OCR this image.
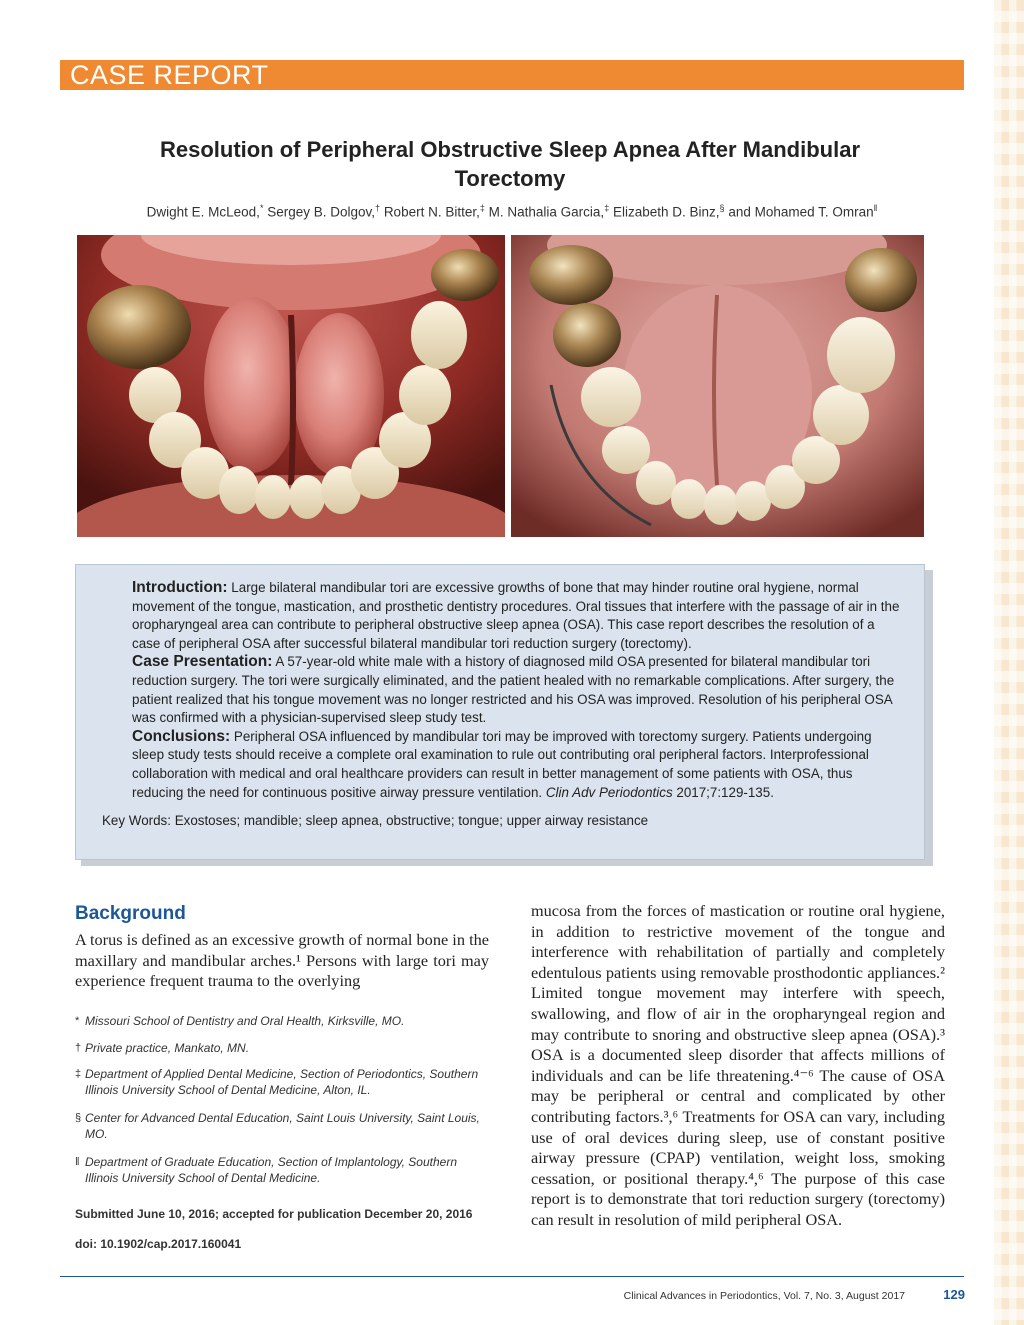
CASE REPORT
Resolution of Peripheral Obstructive Sleep Apnea After Mandibular Torectomy
Dwight E. McLeod,* Sergey B. Dolgov,† Robert N. Bitter,‡ M. Nathalia Garcia,‡ Elizabeth D. Binz,§ and Mohamed T. Omran‖

Introduction: Large bilateral mandibular tori are excessive growths of bone that may hinder routine oral hygiene, normal movement of the tongue, mastication, and prosthetic dentistry procedures. Oral tissues that interfere with the passage of air in the oropharyngeal area can contribute to peripheral obstructive sleep apnea (OSA). This case report describes the resolution of a case of peripheral OSA after successful bilateral mandibular tori reduction surgery (torectomy).

Case Presentation: A 57-year-old white male with a history of diagnosed mild OSA presented for bilateral mandibular tori reduction surgery. The tori were surgically eliminated, and the patient healed with no remarkable complications. After surgery, the patient realized that his tongue movement was no longer restricted and his OSA was improved. Resolution of his peripheral OSA was confirmed with a physician-supervised sleep study test.

Conclusions: Peripheral OSA influenced by mandibular tori may be improved with torectomy surgery. Patients undergoing sleep study tests should receive a complete oral examination to rule out contributing oral peripheral factors. Interprofessional collaboration with medical and oral healthcare providers can result in better management of some patients with OSA, thus reducing the need for continuous positive airway pressure ventilation. Clin Adv Periodontics 2017;7:129-135.

Key Words: Exostoses; mandible; sleep apnea, obstructive; tongue; upper airway resistance

Background
A torus is defined as an excessive growth of normal bone in the maxillary and mandibular arches.¹ Persons with large tori may experience frequent trauma to the overlying
mucosa from the forces of mastication or routine oral hygiene, in addition to restrictive movement of the tongue and interference with rehabilitation of partially and completely edentulous patients using removable prosthodontic appliances.² Limited tongue movement may interfere with speech, swallowing, and flow of air in the oropharyngeal region and may contribute to snoring and obstructive sleep apnea (OSA).³ OSA is a documented sleep disorder that affects millions of individuals and can be life threatening.⁴⁻⁶ The cause of OSA may be peripheral or central and complicated by other contributing factors.³,⁶ Treatments for OSA can vary, including use of oral devices during sleep, use of constant positive airway pressure (CPAP) ventilation, weight loss, smoking cessation, or positional therapy.⁴,⁶ The purpose of this case report is to demonstrate that tori reduction surgery (torectomy) can result in resolution of mild peripheral OSA.
* Missouri School of Dentistry and Oral Health, Kirksville, MO.
† Private practice, Mankato, MN.
‡ Department of Applied Dental Medicine, Section of Periodontics, Southern Illinois University School of Dental Medicine, Alton, IL.
§ Center for Advanced Dental Education, Saint Louis University, Saint Louis, MO.
‖ Department of Graduate Education, Section of Implantology, Southern Illinois University School of Dental Medicine.
Submitted June 10, 2016; accepted for publication December 20, 2016
doi: 10.1902/cap.2017.160041
Clinical Advances in Periodontics, Vol. 7, No. 3, August 2017	129
